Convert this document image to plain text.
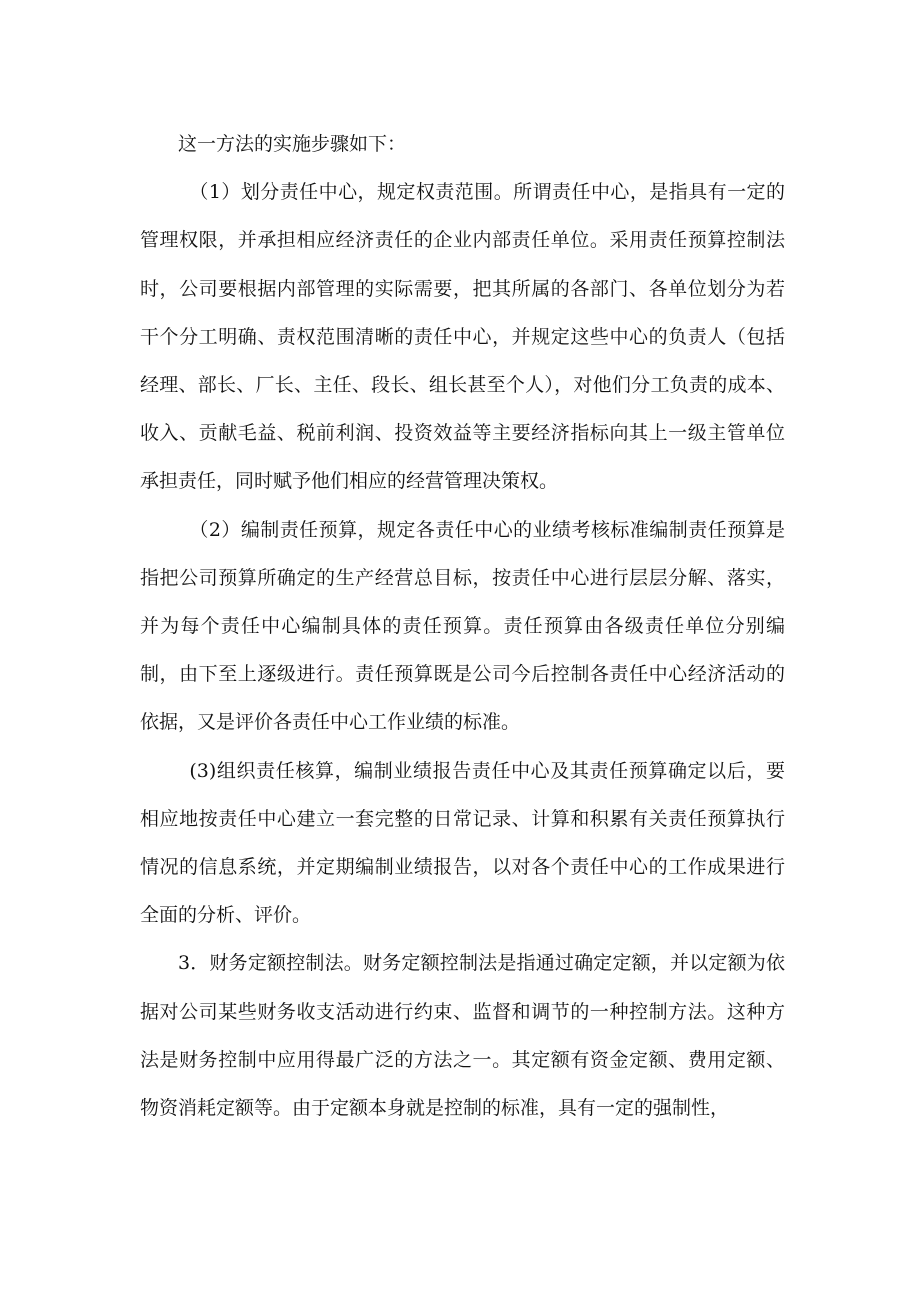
这一方法的实施步骤如下：

（1）划分责任中心，规定权责范围。所谓责任中心，是指具有一定的管理权限，并承担相应经济责任的企业内部责任单位。采用责任预算控制法时，公司要根据内部管理的实际需要，把其所属的各部门、各单位划分为若干个分工明确、责权范围清晰的责任中心，并规定这些中心的负责人（包括经理、部长、厂长、主任、段长、组长甚至个人），对他们分工负责的成本、收入、贡献毛益、税前利润、投资效益等主要经济指标向其上一级主管单位承担责任，同时赋予他们相应的经营管理决策权。

（2）编制责任预算，规定各责任中心的业绩考核标准编制责任预算是指把公司预算所确定的生产经营总目标，按责任中心进行层层分解、落实，并为每个责任中心编制具体的责任预算。责任预算由各级责任单位分别编制，由下至上逐级进行。责任预算既是公司今后控制各责任中心经济活动的依据，又是评价各责任中心工作业绩的标准。

(3)组织责任核算，编制业绩报告责任中心及其责任预算确定以后，要相应地按责任中心建立一套完整的日常记录、计算和积累有关责任预算执行情况的信息系统，并定期编制业绩报告，以对各个责任中心的工作成果进行全面的分析、评价。

3．财务定额控制法。财务定额控制法是指通过确定定额，并以定额为依据对公司某些财务收支活动进行约束、监督和调节的一种控制方法。这种方法是财务控制中应用得最广泛的方法之一。其定额有资金定额、费用定额、物资消耗定额等。由于定额本身就是控制的标准，具有一定的强制性，
